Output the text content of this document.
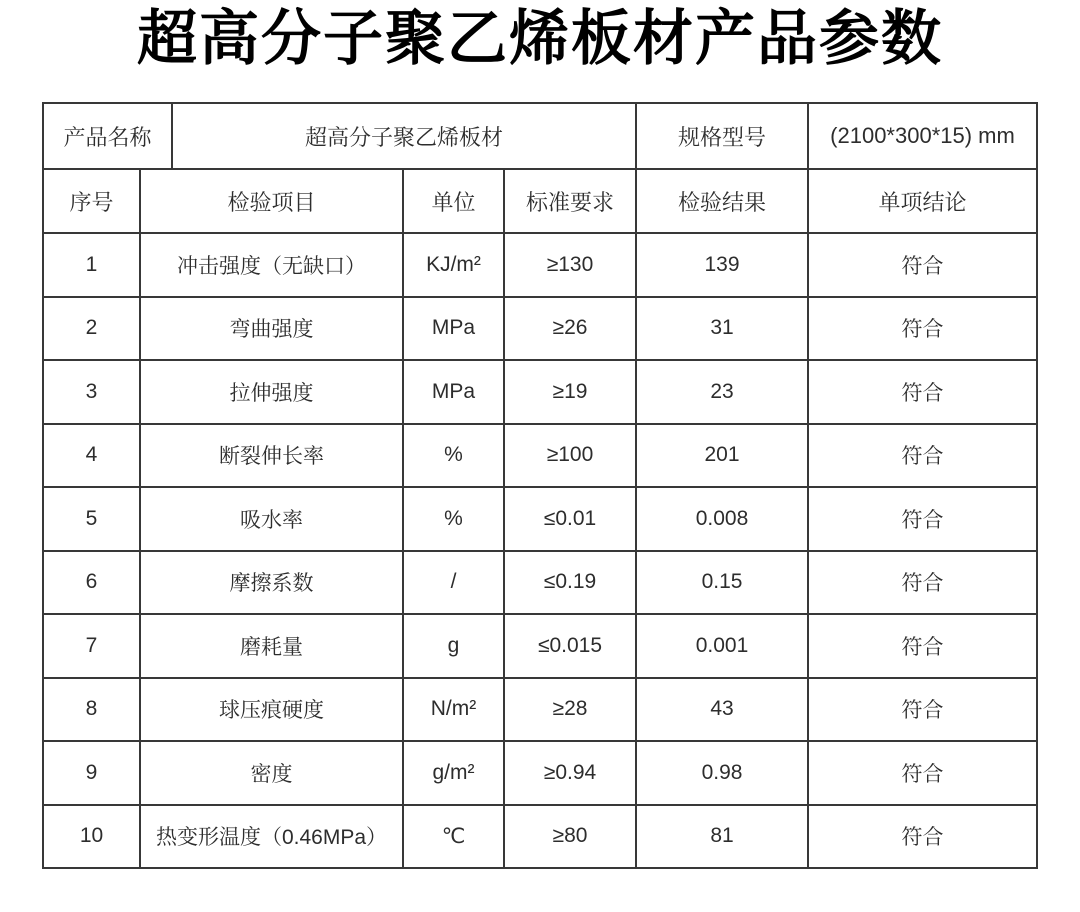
超高分子聚乙烯板材产品参数
产品名称	超高分子聚乙烯板材	规格型号	(2100*300*15) mm
序号	检验项目	单位	标准要求	检验结果	单项结论
1	冲击强度（无缺口）	KJ/m²	≥130	139	符合
2	弯曲强度	MPa	≥26	31	符合
3	拉伸强度	MPa	≥19	23	符合
4	断裂伸长率	%	≥100	201	符合
5	吸水率	%	≤0.01	0.008	符合
6	摩擦系数	/	≤0.19	0.15	符合
7	磨耗量	g	≤0.015	0.001	符合
8	球压痕硬度	N/m²	≥28	43	符合
9	密度	g/m²	≥0.94	0.98	符合
10	热变形温度（0.46MPa）	℃	≥80	81	符合
